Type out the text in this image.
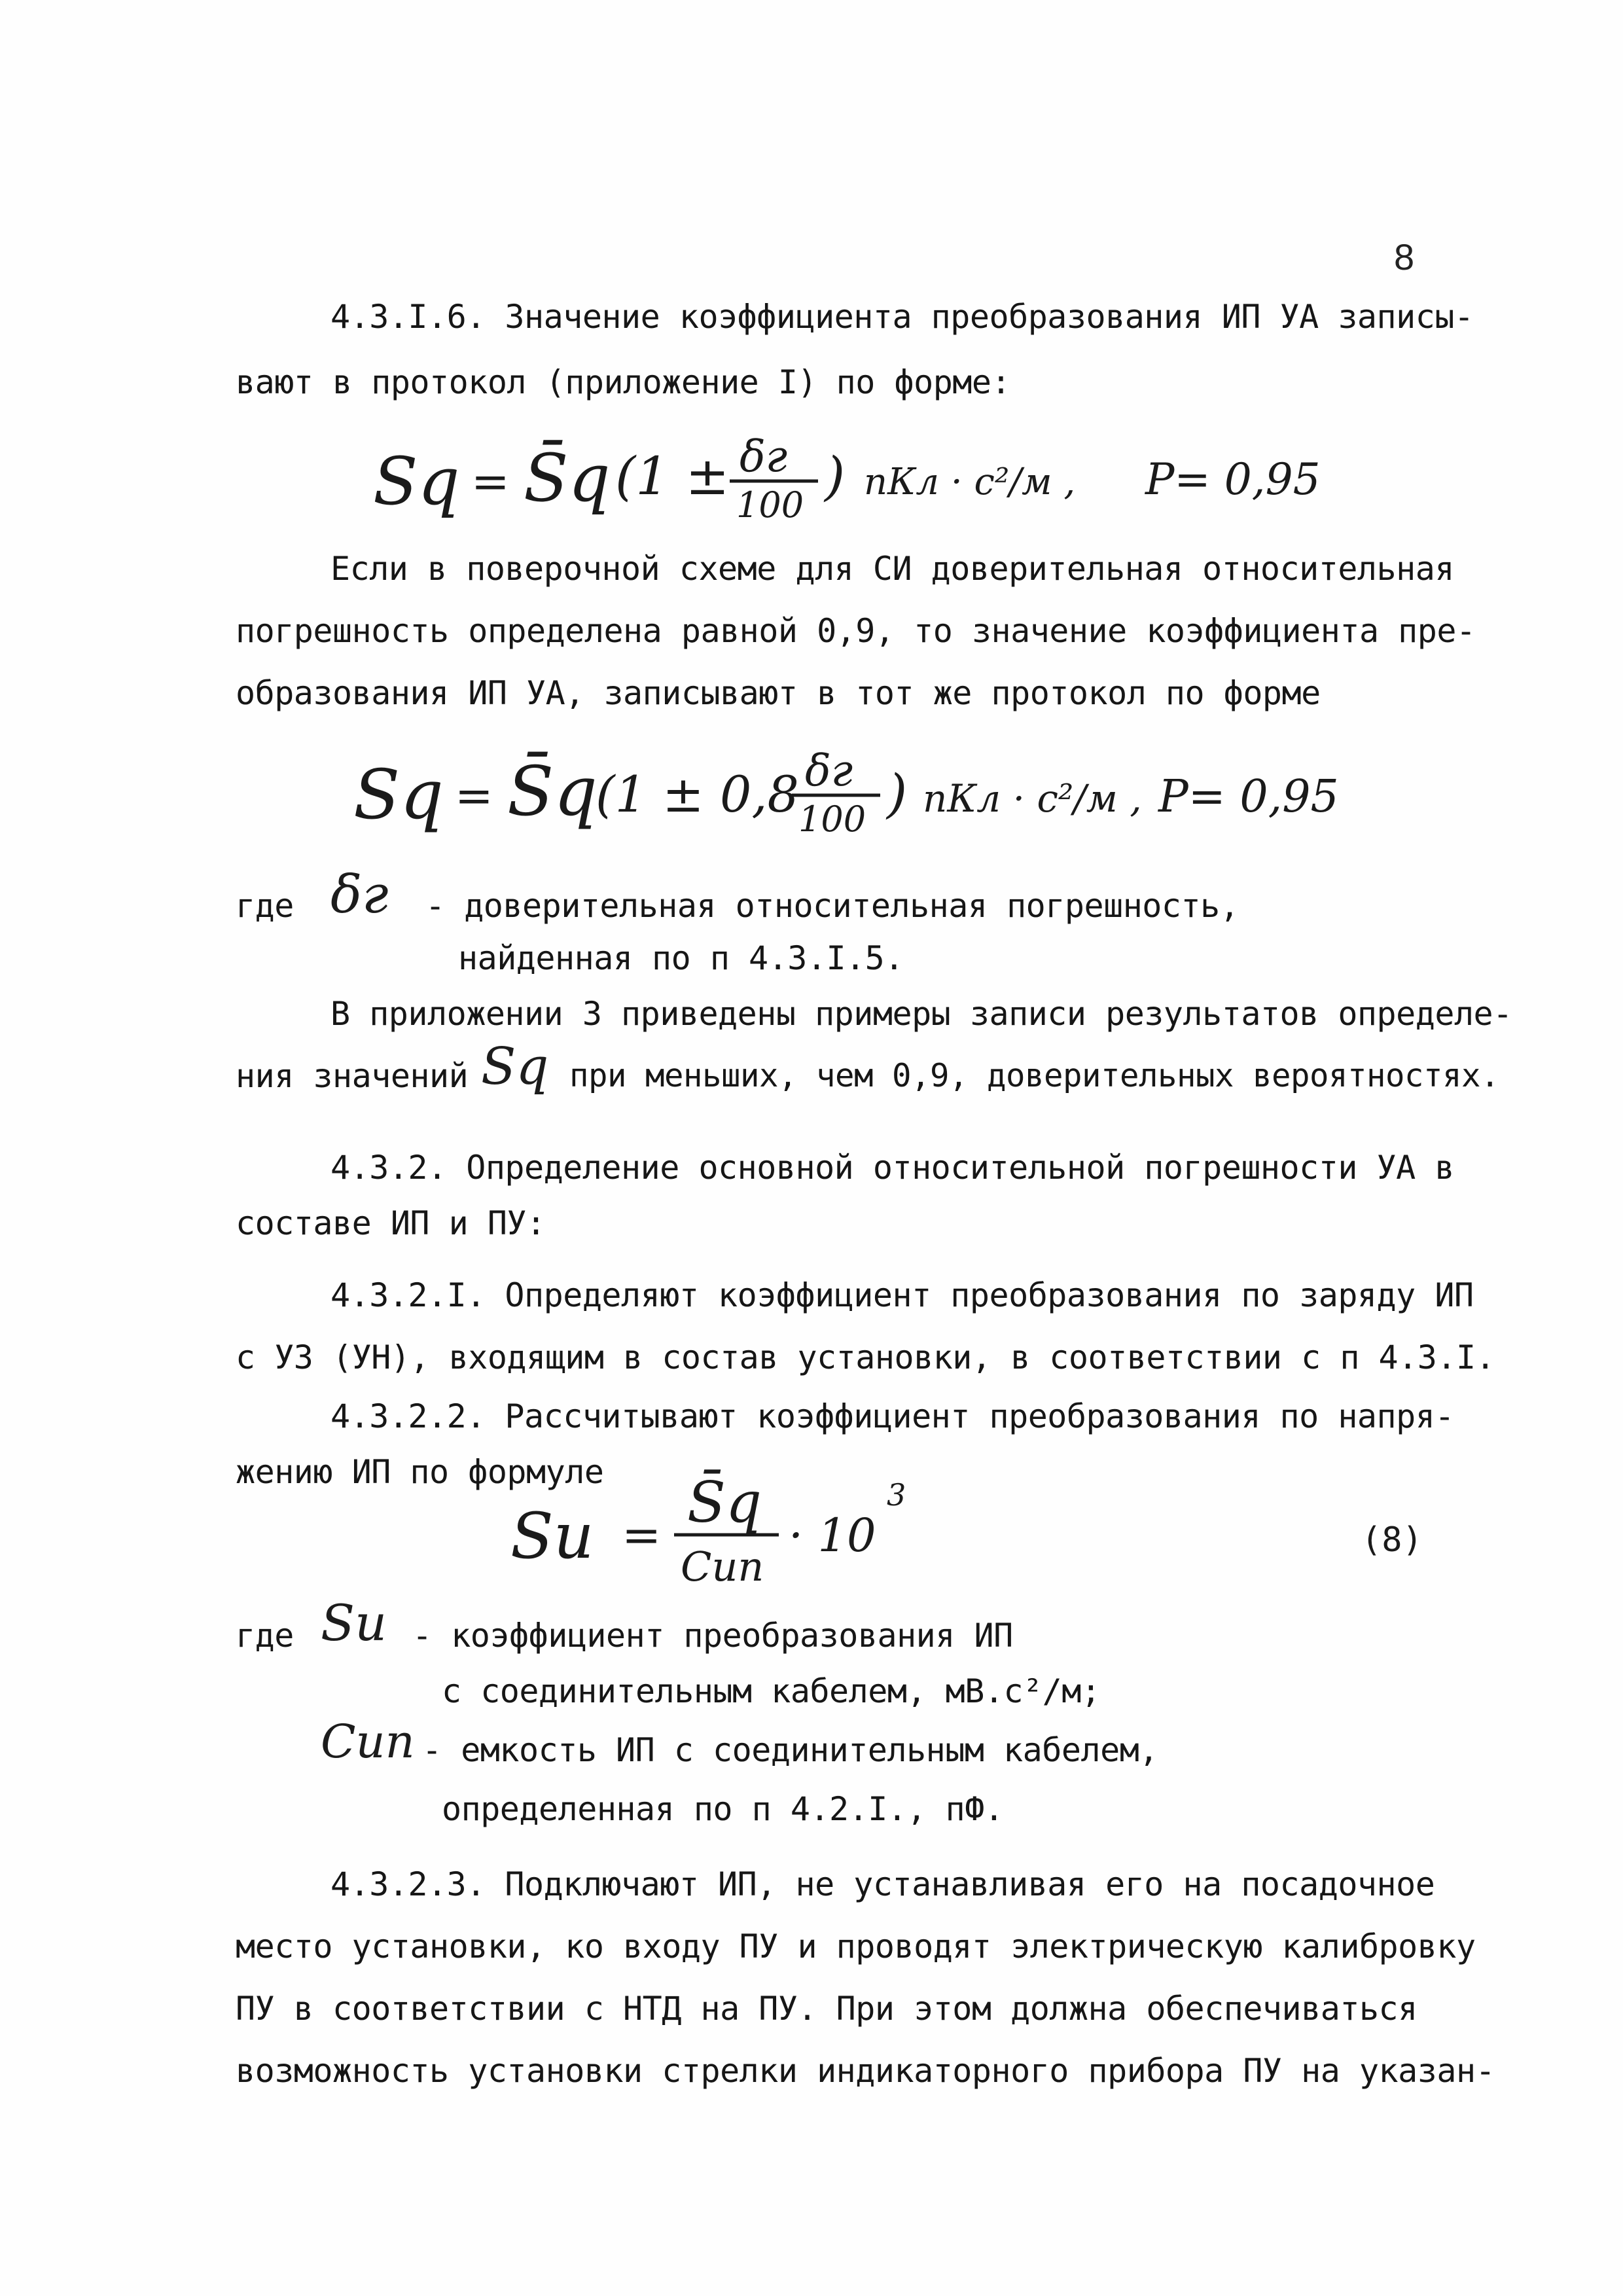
8
4.3.I.6. Значение коэффициента преобразования ИП УА записы-
вают в протокол (приложение I) по форме:
Sq = S̄q (1 ± δг
100 ) пКл · с²/м , P= 0,95
Если в поверочной схеме для СИ доверительная относительная
погрешность определена равной 0,9, то значение коэффициента пре-
образования ИП УА, записывают в тот же протокол по форме
Sq = S̄q
(1 ± 0,8 δг
100 ) пКл · с²/м , P= 0,95
где δг - доверительная относительная погрешность,
найденная по п 4.3.I.5.
В приложении 3 приведены примеры записи результатов определе-
ния значений Sq при меньших, чем 0,9, доверительных вероятностях.
4.3.2. Определение основной относительной погрешности УА в
составе ИП и ПУ:
4.3.2.I. Определяют коэффициент преобразования по заряду ИП
с УЗ (УН), входящим в состав установки, в соответствии с п 4.3.I.
4.3.2.2. Рассчитывают коэффициент преобразования по напря-
жению ИП по формуле
Sи = S̄q
Сип
· 10
3
(8)
где Sи - коэффициент преобразования ИП
с соединительным кабелем, мВ.с²/м;
Сип - емкость ИП с соединительным кабелем,
определенная по п 4.2.I., пФ.
4.3.2.3. Подключают ИП, не устанавливая его на посадочное
место установки, ко входу ПУ и проводят электрическую калибровку
ПУ в соответствии с НТД на ПУ. При этом должна обеспечиваться
возможность установки стрелки индикаторного прибора ПУ на указан-
